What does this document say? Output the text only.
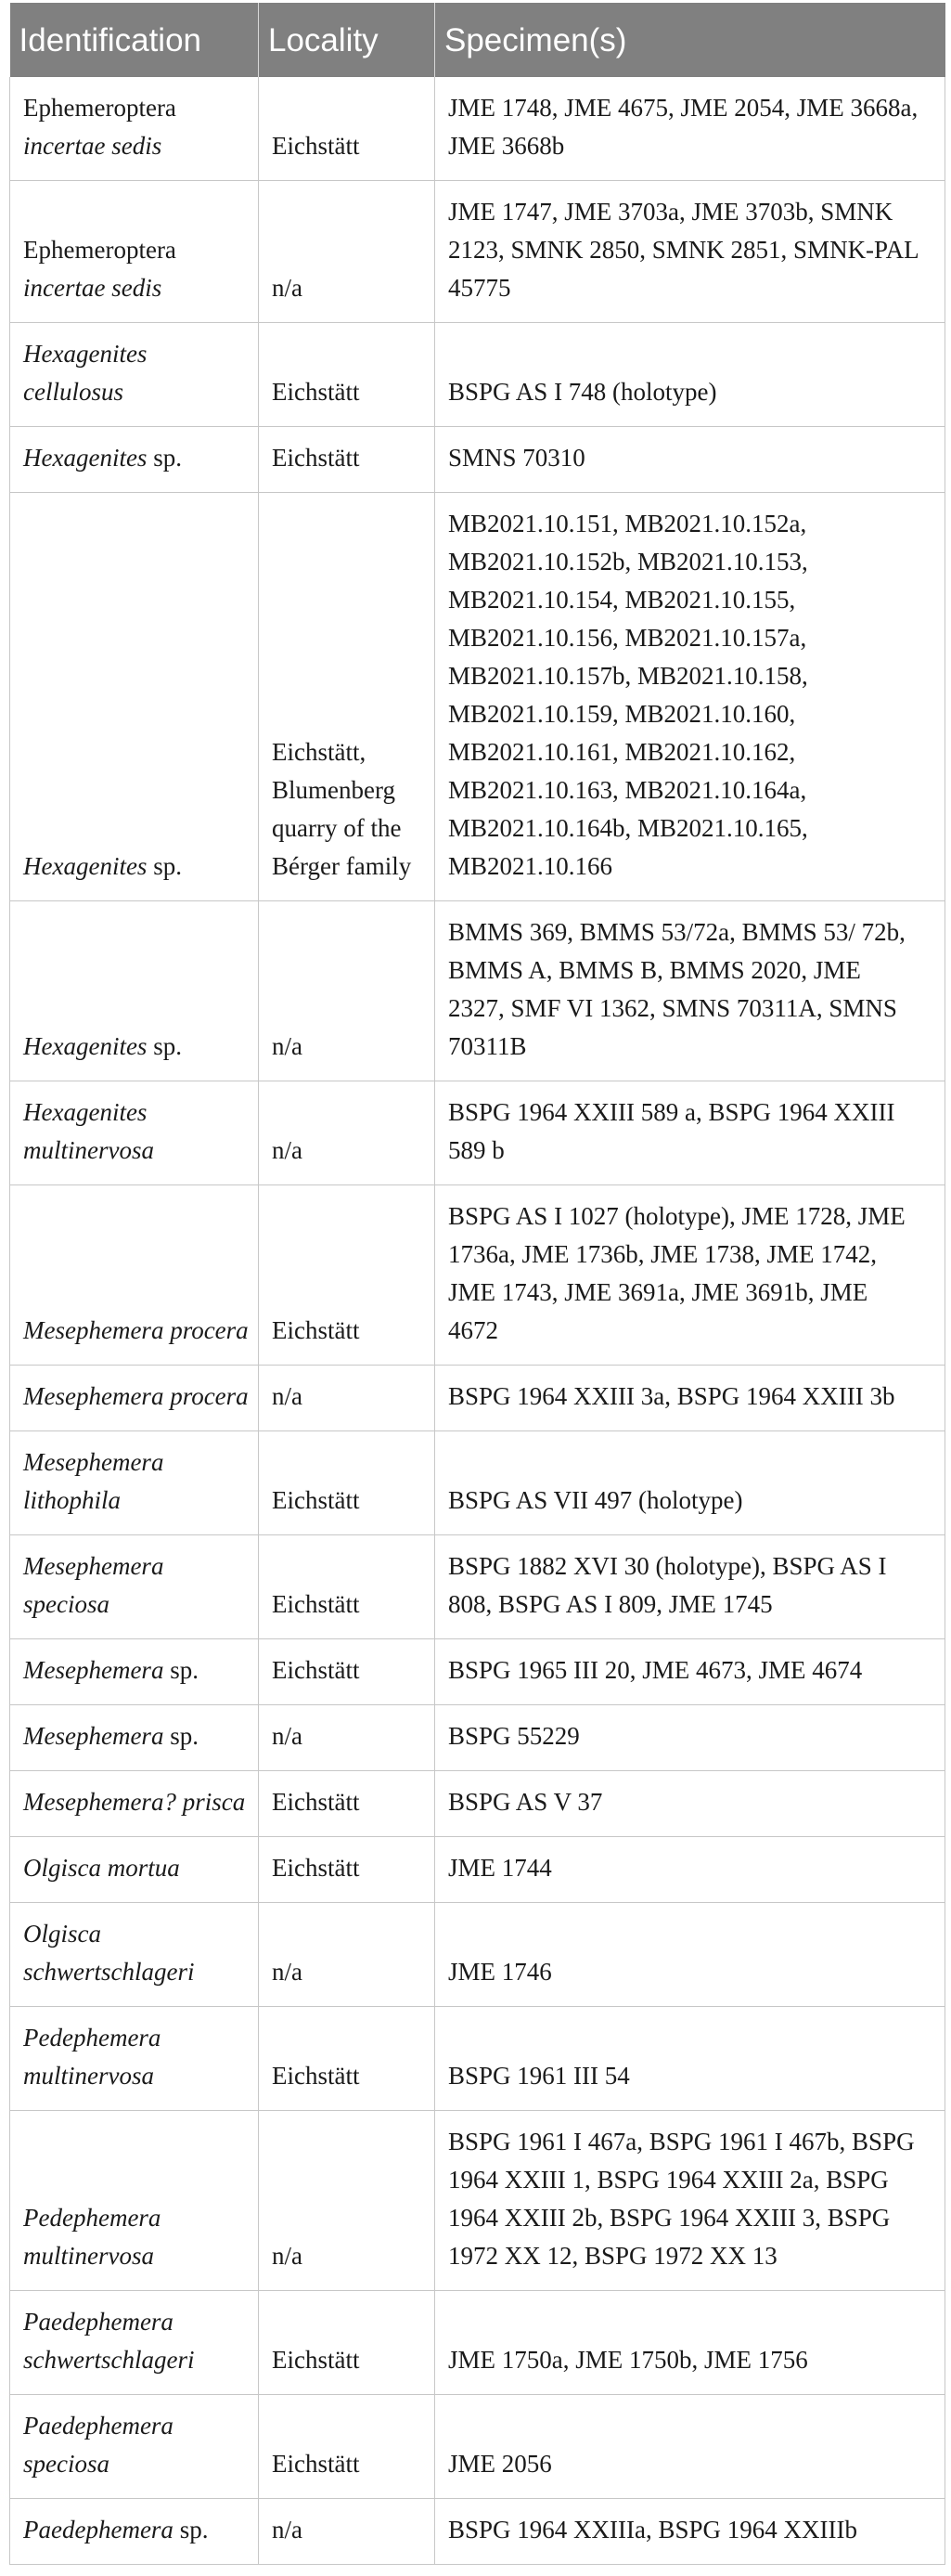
Identification	Locality	Specimen(s)
Ephemeroptera incertae sedis	Eichstätt	JME 1748, JME 4675, JME 2054, JME 3668a, JME 3668b
Ephemeroptera incertae sedis	n/a	JME 1747, JME 3703a, JME 3703b, SMNK 2123, SMNK 2850, SMNK 2851, SMNK-PAL 45775
Hexagenites cellulosus	Eichstätt	BSPG AS I 748 (holotype)
Hexagenites sp.	Eichstätt	SMNS 70310
Hexagenites sp.	Eichstätt, Blumenberg quarry of the Bérger family	MB2021.10.151, MB2021.10.152a, MB2021.10.152b, MB2021.10.153, MB2021.10.154, MB2021.10.155, MB2021.10.156, MB2021.10.157a, MB2021.10.157b, MB2021.10.158, MB2021.10.159, MB2021.10.160, MB2021.10.161, MB2021.10.162, MB2021.10.163, MB2021.10.164a, MB2021.10.164b, MB2021.10.165, MB2021.10.166
Hexagenites sp.	n/a	BMMS 369, BMMS 53/72a, BMMS 53/ 72b, BMMS A, BMMS B, BMMS 2020, JME 2327, SMF VI 1362, SMNS 70311A, SMNS 70311B
Hexagenites multinervosa	n/a	BSPG 1964 XXIII 589 a, BSPG 1964 XXIII 589 b
Mesephemera procera	Eichstätt	BSPG AS I 1027 (holotype), JME 1728, JME 1736a, JME 1736b, JME 1738, JME 1742, JME 1743, JME 3691a, JME 3691b, JME 4672
Mesephemera procera	n/a	BSPG 1964 XXIII 3a, BSPG 1964 XXIII 3b
Mesephemera lithophila	Eichstätt	BSPG AS VII 497 (holotype)
Mesephemera speciosa	Eichstätt	BSPG 1882 XVI 30 (holotype), BSPG AS I 808, BSPG AS I 809, JME 1745
Mesephemera sp.	Eichstätt	BSPG 1965 III 20, JME 4673, JME 4674
Mesephemera sp.	n/a	BSPG 55229
Mesephemera? prisca	Eichstätt	BSPG AS V 37
Olgisca mortua	Eichstätt	JME 1744
Olgisca schwertschlageri	n/a	JME 1746
Pedephemera multinervosa	Eichstätt	BSPG 1961 III 54
Pedephemera multinervosa	n/a	BSPG 1961 I 467a, BSPG 1961 I 467b, BSPG 1964 XXIII 1, BSPG 1964 XXIII 2a, BSPG 1964 XXIII 2b, BSPG 1964 XXIII 3, BSPG 1972 XX 12, BSPG 1972 XX 13
Paedephemera schwertschlageri	Eichstätt	JME 1750a, JME 1750b, JME 1756
Paedephemera speciosa	Eichstätt	JME 2056
Paedephemera sp.	n/a	BSPG 1964 XXIIIa, BSPG 1964 XXIIIb
